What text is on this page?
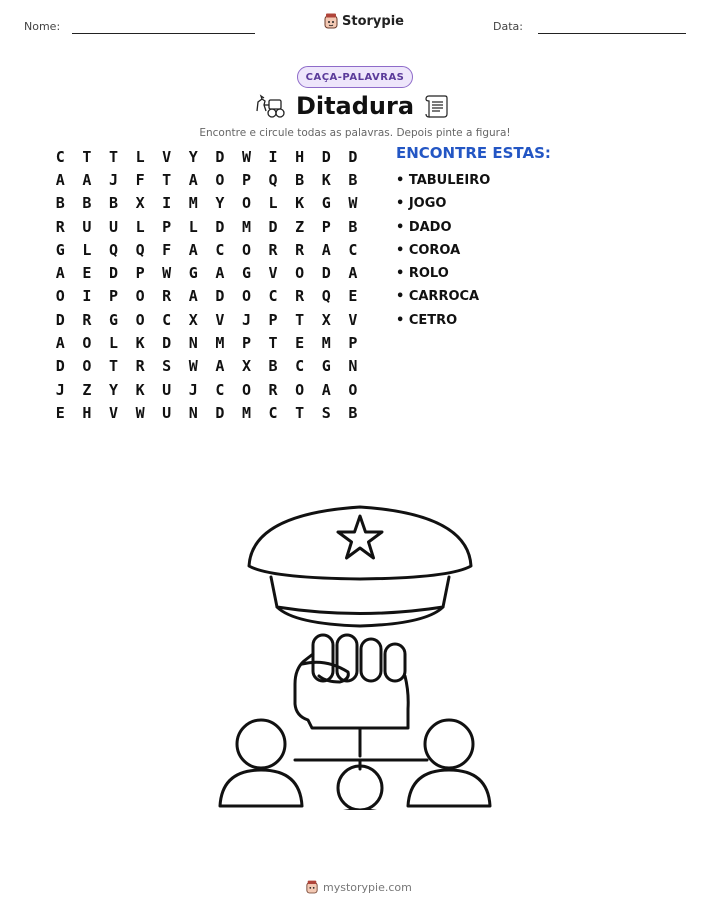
Nome:	Storypie	Data:
CAÇA-PALAVRAS
Ditadura
Encontre e circule todas as palavras. Depois pinte a figura!
C	T	T	L	V	Y	D	W	I	H	D	D
A	A	J	F	T	A	O	P	Q	B	K	B
B	B	B	X	I	M	Y	O	L	K	G	W
R	U	U	L	P	L	D	M	D	Z	P	B
G	L	Q	Q	F	A	C	O	R	R	A	C
A	E	D	P	W	G	A	G	V	O	D	A
O	I	P	O	R	A	D	O	C	R	Q	E
D	R	G	O	C	X	V	J	P	T	X	V
A	O	L	K	D	N	M	P	T	E	M	P
D	O	T	R	S	W	A	X	B	C	G	N
J	Z	Y	K	U	J	C	O	R	O	A	O
E	H	V	W	U	N	D	M	C	T	S	B
ENCONTRE ESTAS:
• TABULEIRO
• JOGO
• DADO
• COROA
• ROLO
• CARROCA
• CETRO
mystorypie.com
